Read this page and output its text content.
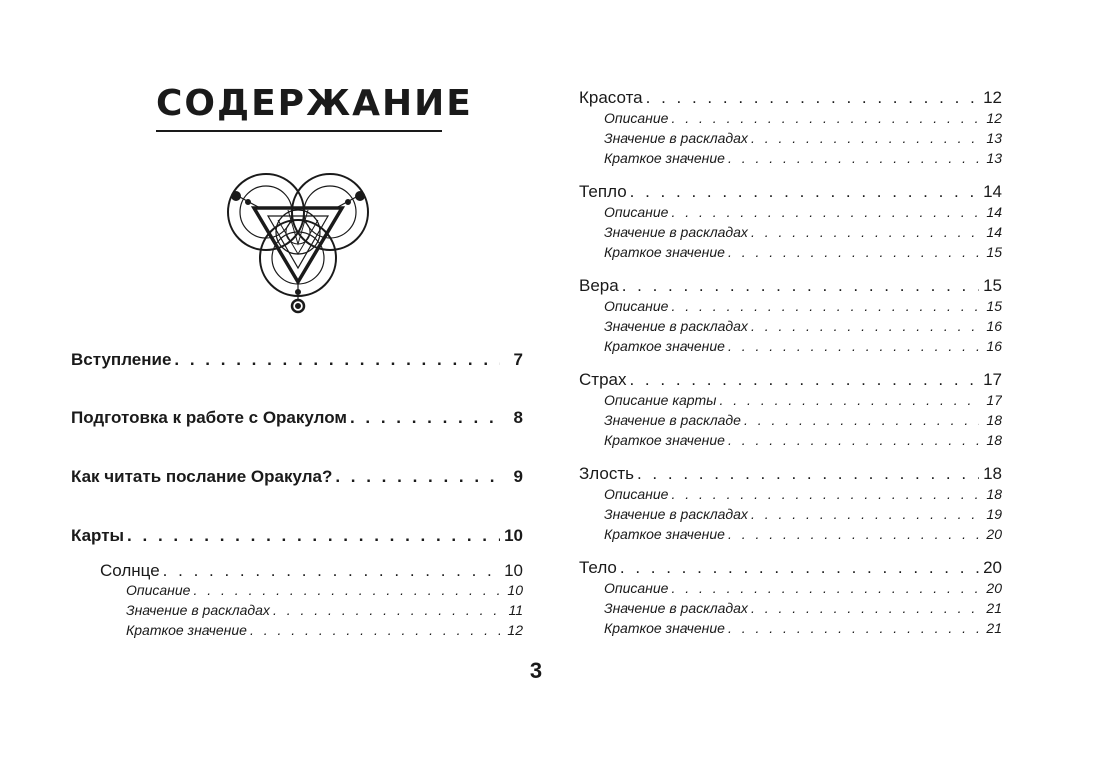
СОДЕРЖАНИЕ
Вступление . . .	7
Подготовка к работе с Оракулом . . .	8
Как читать послание Оракула? . . .	9
Карты . . .	10
Солнце . . .	10
Описание . . .	10
Значение в раскладах . . .	11
Краткое значение . . .	12
3
Красота . . .	12
Описание . . .	12
Значение в раскладах . . .	13
Краткое значение . . .	13
Тепло . . .	14
Описание . . .	14
Значение в раскладах . . .	14
Краткое значение . . .	15
Вера . . .	15
Описание . . .	15
Значение в раскладах . . .	16
Краткое значение . . .	16
Страх . . .	17
Описание карты . . .	17
Значение в раскладе . . .	18
Краткое значение . . .	18
Злость . . .	18
Описание . . .	18
Значение в раскладах . . .	19
Краткое значение . . .	20
Тело . . .	20
Описание . . .	20
Значение в раскладах . . .	21
Краткое значение . . .	21
